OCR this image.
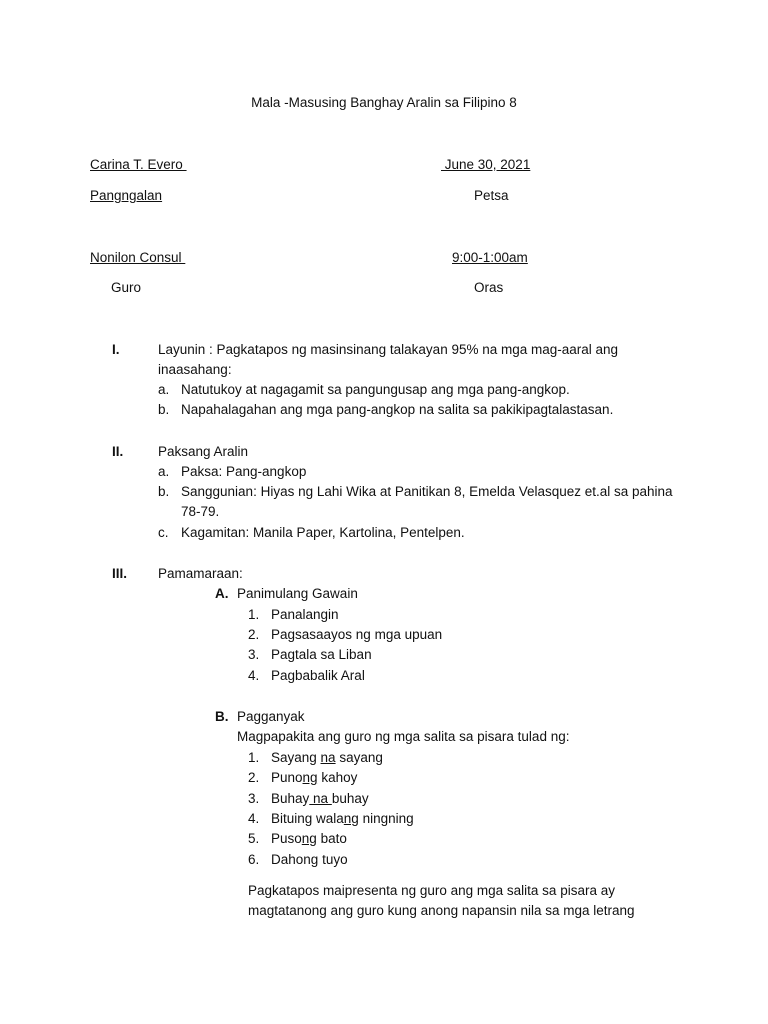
Mala -Masusing Banghay Aralin sa Filipino 8
Carina T. Evero
Pangngalan
June 30, 2021
Petsa
Nonilon Consul
Guro
9:00-1:00am
Oras
I.	Layunin : Pagkatapos ng masinsinang talakayan 95% na mga mag-aaral ang
inaasahang:
a. Natutukoy at nagagamit sa pangungusap ang mga pang-angkop.
b. Napahalagahan ang mga pang-angkop na salita sa pakikipagtalastasan.
II.	Paksang Aralin
a. Paksa: Pang-angkop
b. Sanggunian: Hiyas ng Lahi Wika at Panitikan 8, Emelda Velasquez et.al sa pahina
78-79.
c. Kagamitan: Manila Paper, Kartolina, Pentelpen.
III. Pamamaraan:
A. Panimulang Gawain
1. Panalangin
2. Pagsasaayos ng mga upuan
3. Pagtala sa Liban
4. Pagbabalik Aral
B. Pagganyak
Magpapakita ang guro ng mga salita sa pisara tulad ng:
1. Sayang na sayang
2. Punong kahoy
3. Buhay na buhay
4. Bituing walang ningning
5. Pusong bato
6. Dahong tuyo
Pagkatapos maipresenta ng guro ang mga salita sa pisara ay
magtatanong ang guro kung anong napansin nila sa mga letrang
